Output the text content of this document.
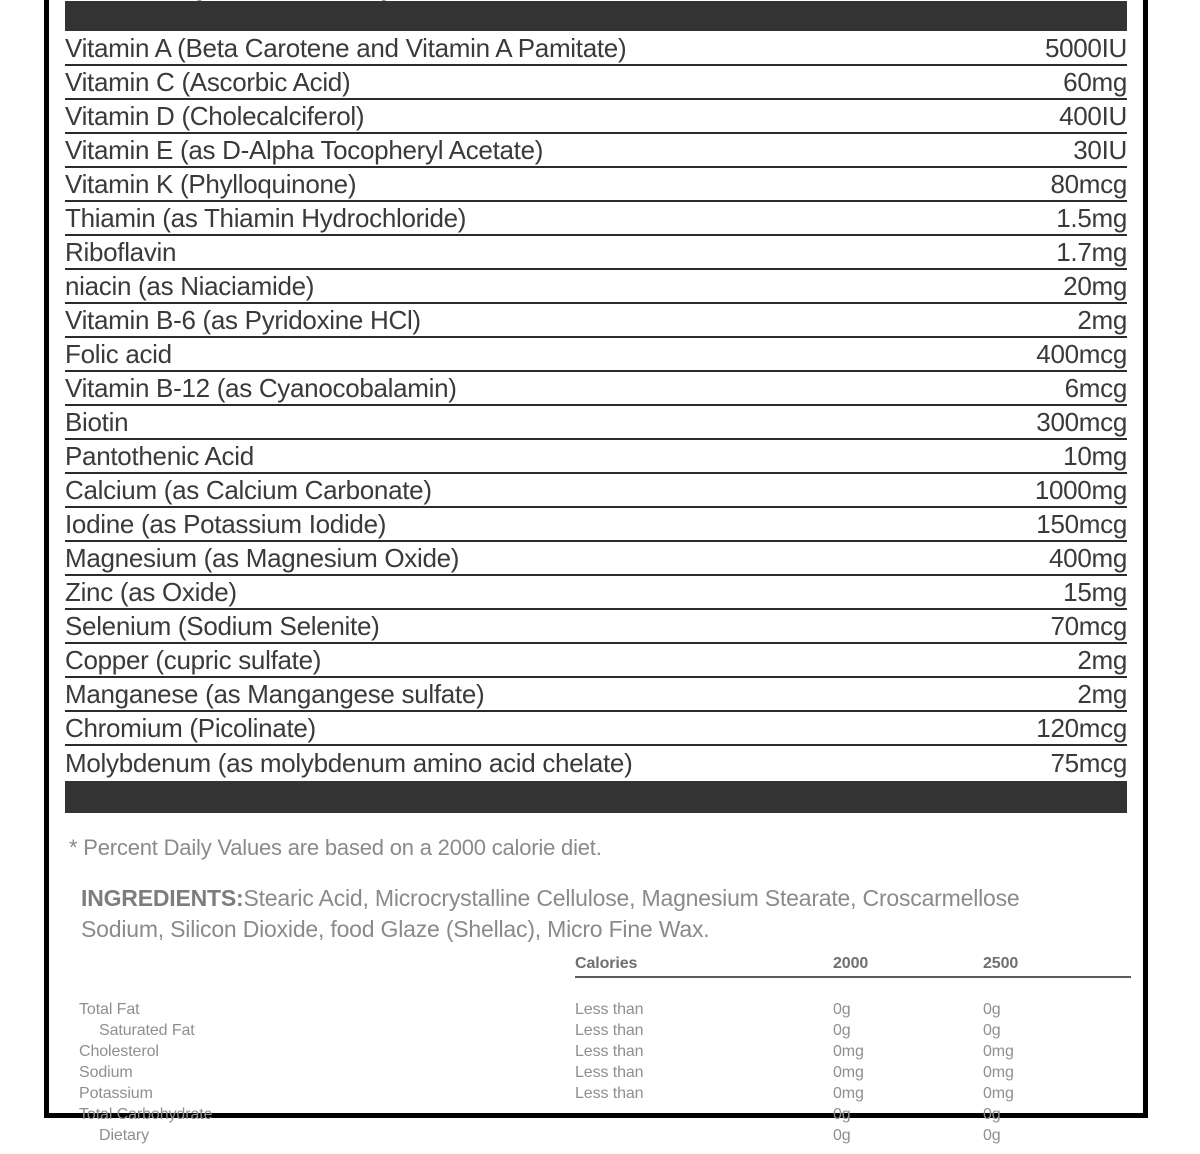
Vitamin A (Beta Carotene and Vitamin A Pamitate)	5000IU
Vitamin C (Ascorbic Acid)	60mg
Vitamin D (Cholecalciferol)	400IU
Vitamin E (as D-Alpha Tocopheryl Acetate)	30IU
Vitamin K (Phylloquinone)	80mcg
Thiamin (as Thiamin Hydrochloride)	1.5mg
Riboflavin	1.7mg
niacin (as Niaciamide)	20mg
Vitamin B-6 (as Pyridoxine HCl)	2mg
Folic acid	400mcg
Vitamin B-12 (as Cyanocobalamin)	6mcg
Biotin	300mcg
Pantothenic Acid	10mg
Calcium (as Calcium Carbonate)	1000mg
Iodine (as Potassium Iodide)	150mcg
Magnesium (as Magnesium Oxide)	400mg
Zinc (as Oxide)	15mg
Selenium (Sodium Selenite)	70mcg
Copper (cupric sulfate)	2mg
Manganese (as Mangangese sulfate)	2mg
Chromium (Picolinate)	120mcg
Molybdenum (as molybdenum amino acid chelate)	75mcg
* Percent Daily Values are based on a 2000 calorie diet.
INGREDIENTS:Stearic Acid, Microcrystalline Cellulose, Magnesium Stearate, Croscarmellose Sodium, Silicon Dioxide, food Glaze (Shellac), Micro Fine Wax.
	Calories	2000	2500

Total Fat	Less than	0g	0g
Saturated Fat	Less than	0g	0g
Cholesterol	Less than	0mg	0mg
Sodium	Less than	0mg	0mg
Potassium	Less than	0mg	0mg
Total Carbohydrate		0g	0g
Dietary		0g	0g
